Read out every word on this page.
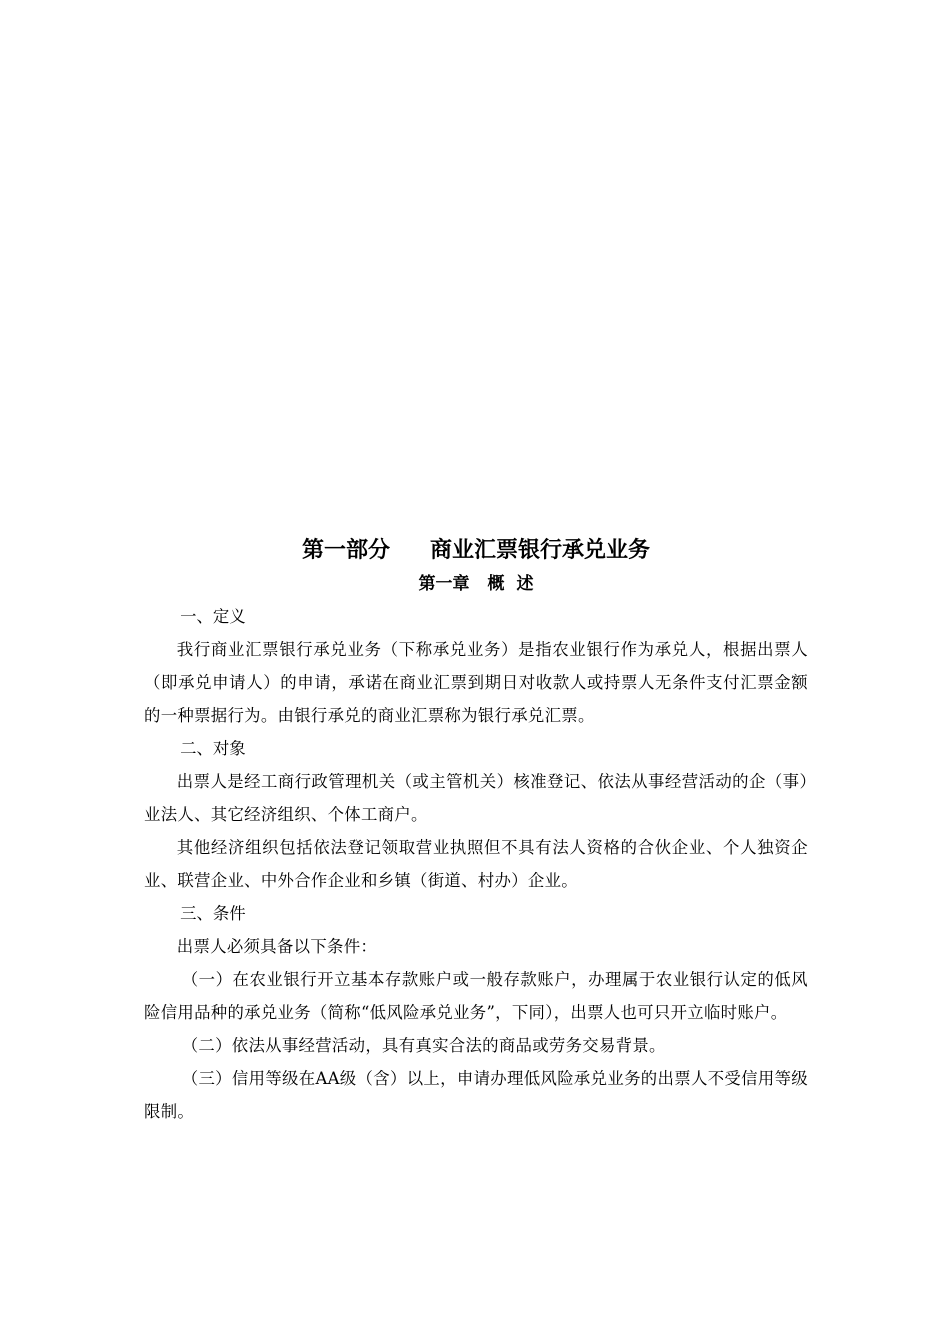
第一部分 商业汇票银行承兑业务
第一章 概 述

一、定义

我行商业汇票银行承兑业务（下称承兑业务）是指农业银行作为承兑人，根据出票人（即承兑申请人）的申请，承诺在商业汇票到期日对收款人或持票人无条件支付汇票金额的一种票据行为。由银行承兑的商业汇票称为银行承兑汇票。

二、对象

出票人是经工商行政管理机关（或主管机关）核准登记、依法从事经营活动的企（事）业法人、其它经济组织、个体工商户。

其他经济组织包括依法登记领取营业执照但不具有法人资格的合伙企业、个人独资企业、联营企业、中外合作企业和乡镇（街道、村办）企业。

三、条件

出票人必须具备以下条件：

（一）在农业银行开立基本存款账户或一般存款账户，办理属于农业银行认定的低风险信用品种的承兑业务（简称“低风险承兑业务”，下同），出票人也可只开立临时账户。

（二）依法从事经营活动，具有真实合法的商品或劳务交易背景。

（三）信用等级在AA级（含）以上，申请办理低风险承兑业务的出票人不受信用等级限制。
